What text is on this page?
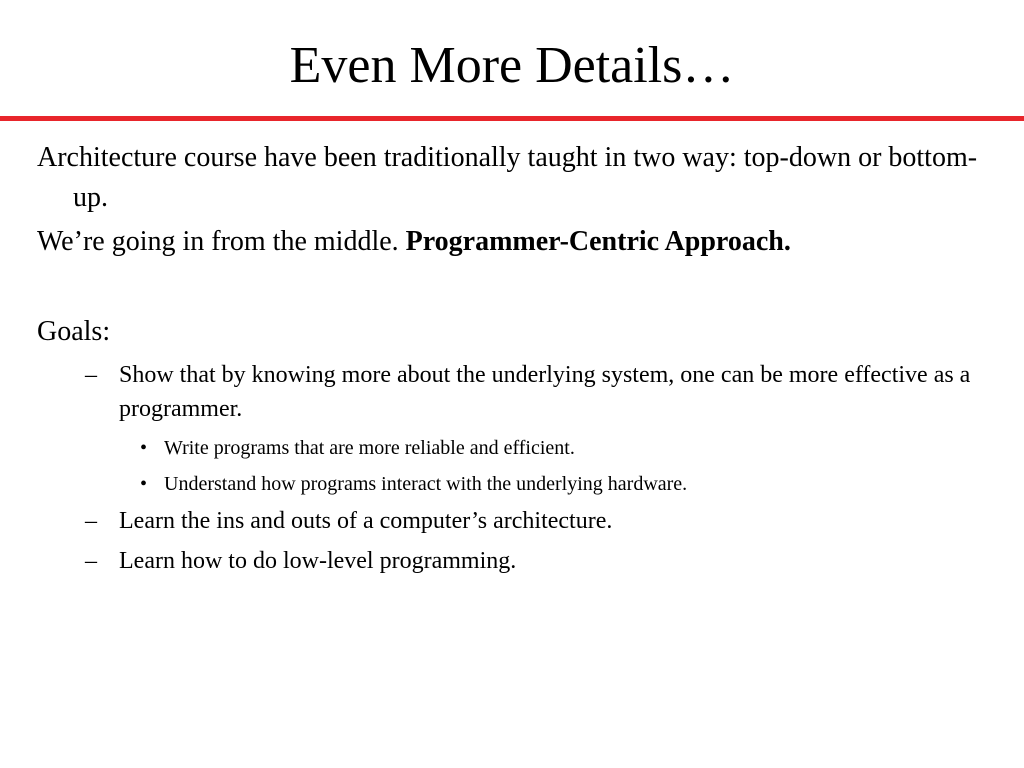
Even More Details…

Architecture course have been traditionally taught in two way: top-down or bottom-up.

We’re going in from the middle. Programmer-Centric Approach.

Goals:

– Show that by knowing more about the underlying system, one can be more effective as a programmer.
• Write programs that are more reliable and efficient.
• Understand how programs interact with the underlying hardware.
– Learn the ins and outs of a computer’s architecture.
– Learn how to do low-level programming.
